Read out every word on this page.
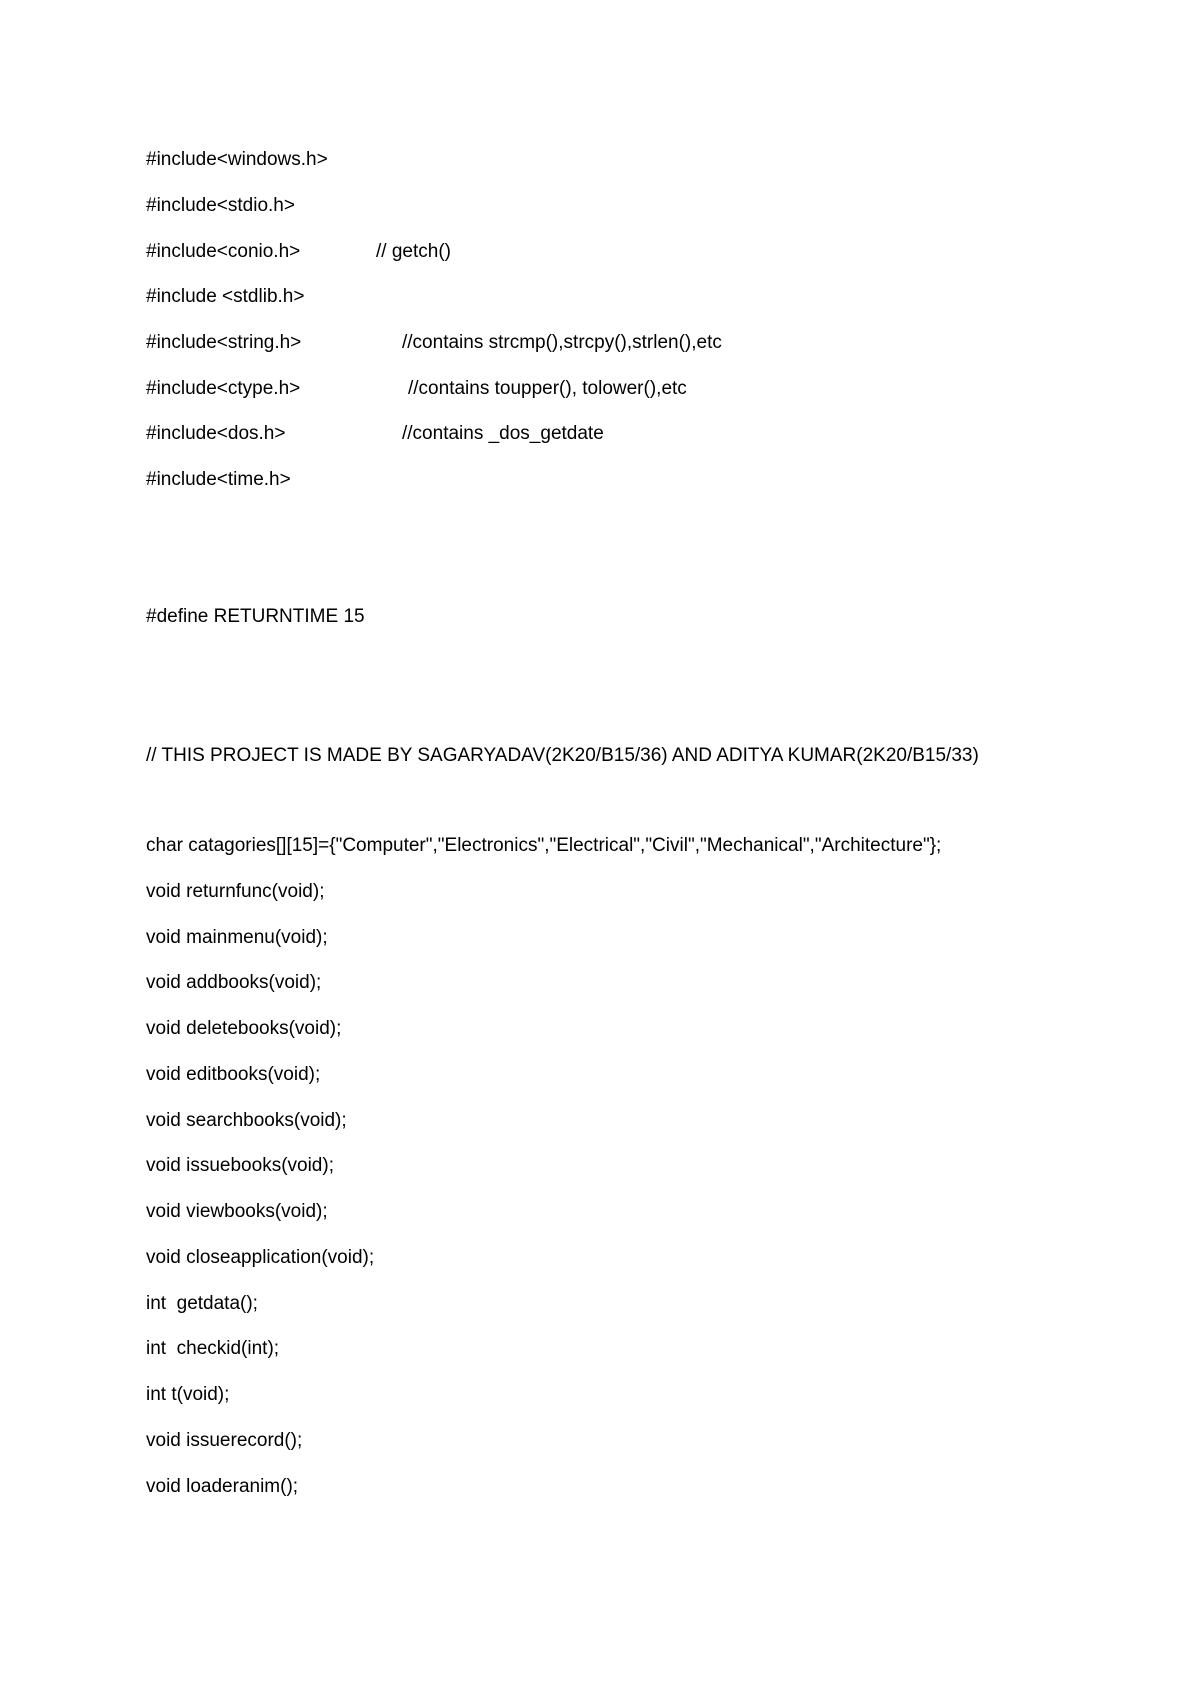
#include<windows.h>

#include<stdio.h>

#include<conio.h>	// getch()

#include <stdlib.h>

#include<string.h>	//contains strcmp(),strcpy(),strlen(),etc

#include<ctype.h>	//contains toupper(), tolower(),etc

#include<dos.h>	//contains _dos_getdate

#include<time.h>

#define RETURNTIME 15

// THIS PROJECT IS MADE BY SAGARYADAV(2K20/B15/36) AND ADITYA KUMAR(2K20/B15/33)

char catagories[][15]={"Computer","Electronics","Electrical","Civil","Mechanical","Architecture"};

void returnfunc(void);

void mainmenu(void);

void addbooks(void);

void deletebooks(void);

void editbooks(void);

void searchbooks(void);

void issuebooks(void);

void viewbooks(void);

void closeapplication(void);

int  getdata();

int  checkid(int);

int t(void);

void issuerecord();

void loaderanim();
